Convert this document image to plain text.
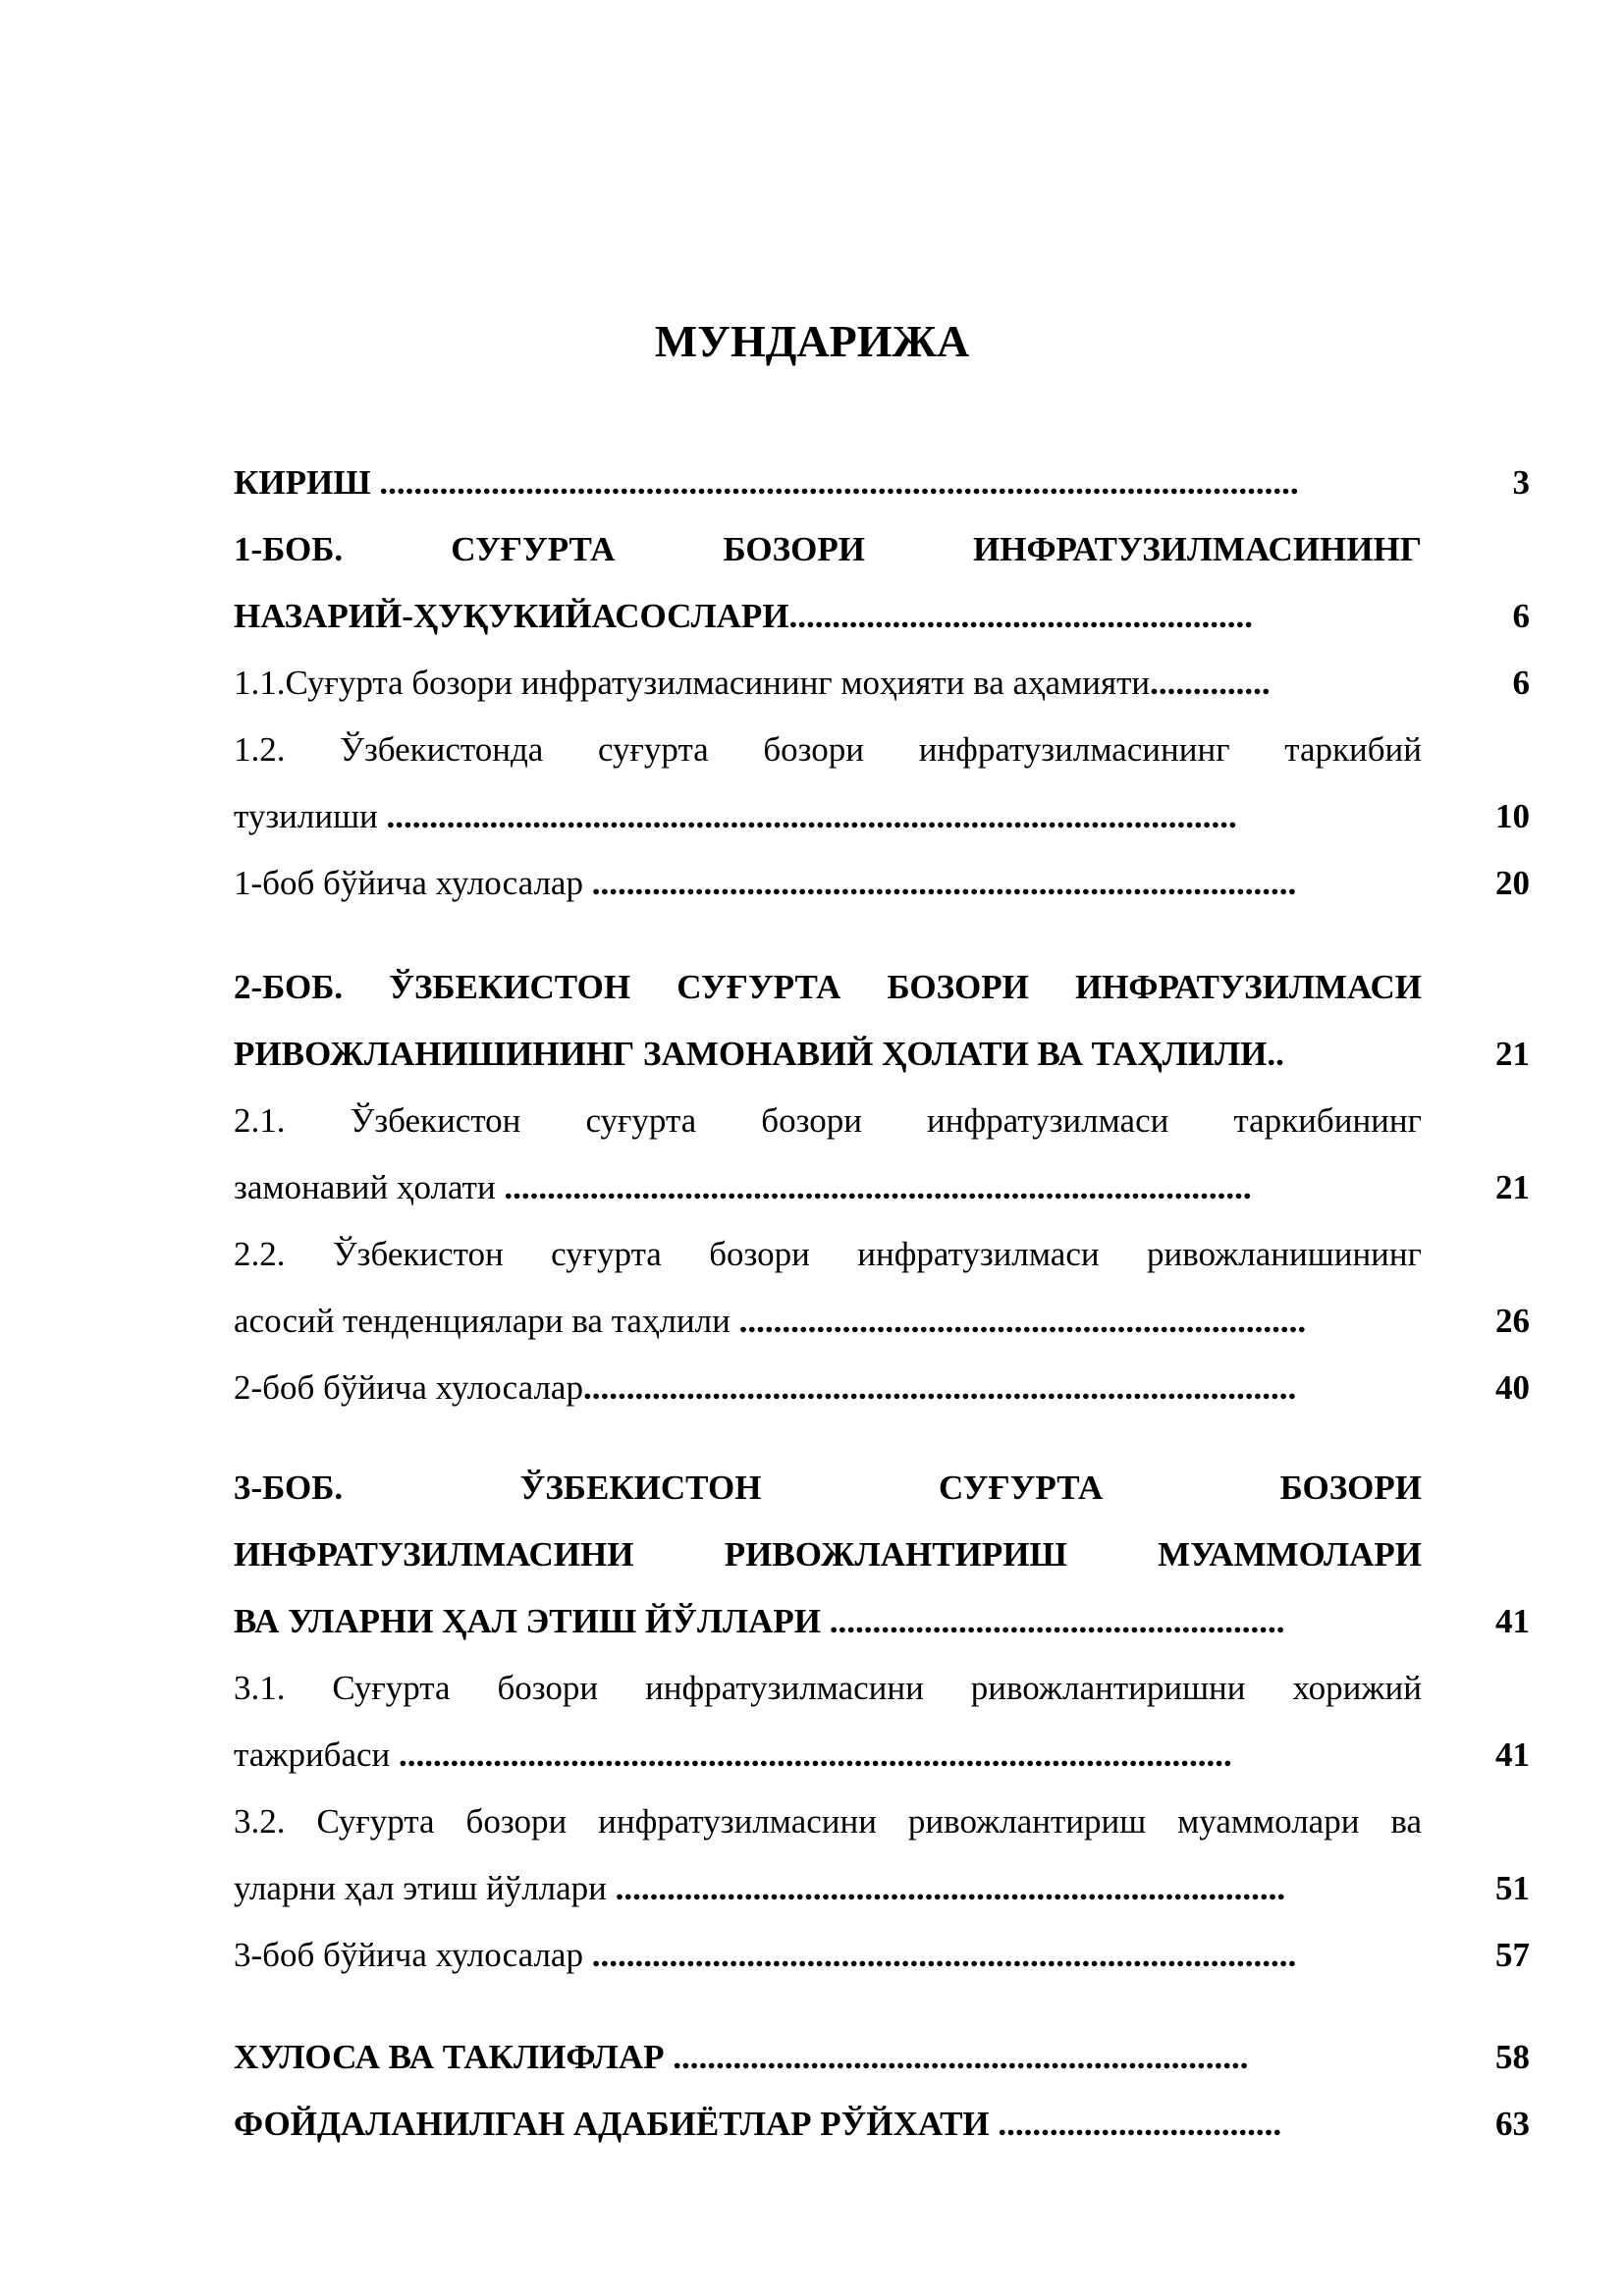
МУНДАРИЖА
КИРИШ ...........................................................................................................	3
1-БОБ. СУҒУРТА БОЗОРИ ИНФРАТУЗИЛМАСИНИНГ
НАЗАРИЙ-ҲУҚУКИЙАСОСЛАРИ......................................................	6
1.1.Суғурта бозори инфратузилмасининг моҳияти ва аҳамияти..............	6
1.2. Ўзбекистонда суғурта бозори инфратузилмасининг таркибий
тузилиши ...................................................................................................	10
1-боб бўйича хулосалар ..................................................................................	20
2-БОБ. ЎЗБЕКИСТОН СУҒУРТА БОЗОРИ ИНФРАТУЗИЛМАСИ
РИВОЖЛАНИШИНИНГ ЗАМОНАВИЙ ҲОЛАТИ ВА ТАҲЛИЛИ..	21
2.1. Ўзбекистон суғурта бозори инфратузилмаси таркибининг
замонавий ҳолати .......................................................................................	21
2.2. Ўзбекистон суғурта бозори инфратузилмаси ривожланишининг
асосий тенденциялари ва таҳлили ..................................................................	26
2-боб бўйича хулосалар...................................................................................	40
3-БОБ. ЎЗБЕКИСТОН СУҒУРТА БОЗОРИ
ИНФРАТУЗИЛМАСИНИ РИВОЖЛАНТИРИШ МУАММОЛАРИ
ВА УЛАРНИ ҲАЛ ЭТИШ ЙЎЛЛАРИ .....................................................	41
3.1. Суғурта бозори инфратузилмасини ривожлантиришни хорижий
тажрибаси .................................................................................................	41
3.2. Суғурта бозори инфратузилмасини ривожлантириш муаммолари ва
уларни ҳал этиш йўллари ..............................................................................	51
3-боб бўйича хулосалар ..................................................................................	57
ХУЛОСА ВА ТАКЛИФЛАР ...................................................................	58
ФОЙДАЛАНИЛГАН АДАБИЁТЛАР РЎЙХАТИ .................................	63
